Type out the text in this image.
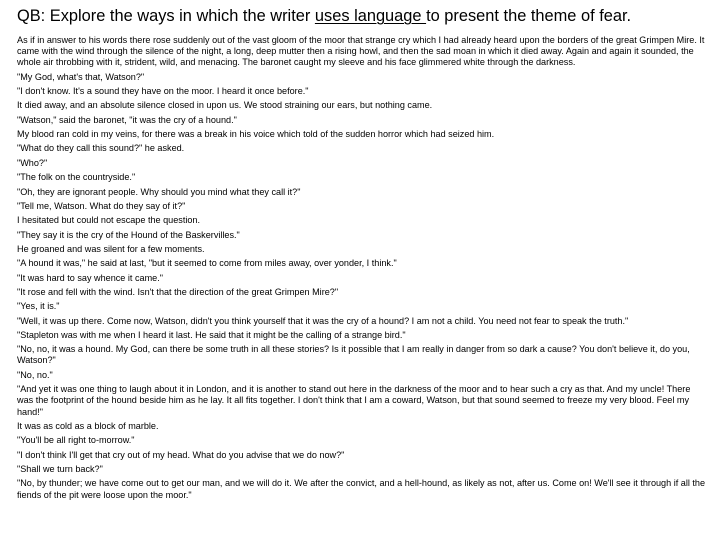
QB: Explore the ways in which the writer uses language to present the theme of fear.

As if in answer to his words there rose suddenly out of the vast gloom of the moor that strange cry which I had already heard upon the borders of the great Grimpen Mire. It came with the wind through the silence of the night, a long, deep mutter then a rising howl, and then the sad moan in which it died away. Again and again it sounded, the whole air throbbing with it, strident, wild, and menacing. The baronet caught my sleeve and his face glimmered white through the darkness.

"My God, what's that, Watson?"

"I don't know. It's a sound they have on the moor. I heard it once before."

It died away, and an absolute silence closed in upon us. We stood straining our ears, but nothing came.

"Watson," said the baronet, "it was the cry of a hound."

My blood ran cold in my veins, for there was a break in his voice which told of the sudden horror which had seized him.

"What do they call this sound?" he asked.

"Who?"

"The folk on the countryside."

"Oh, they are ignorant people. Why should you mind what they call it?"

"Tell me, Watson. What do they say of it?"

I hesitated but could not escape the question.

"They say it is the cry of the Hound of the Baskervilles."

He groaned and was silent for a few moments.

"A hound it was," he said at last, "but it seemed to come from miles away, over yonder, I think."

"It was hard to say whence it came."

"It rose and fell with the wind. Isn't that the direction of the great Grimpen Mire?"

"Yes, it is."

"Well, it was up there. Come now, Watson, didn't you think yourself that it was the cry of a hound? I am not a child. You need not fear to speak the truth."

"Stapleton was with me when I heard it last. He said that it might be the calling of a strange bird."

"No, no, it was a hound. My God, can there be some truth in all these stories? Is it possible that I am really in danger from so dark a cause? You don't believe it, do you, Watson?"

"No, no."

"And yet it was one thing to laugh about it in London, and it is another to stand out here in the darkness of the moor and to hear such a cry as that. And my uncle! There was the footprint of the hound beside him as he lay. It all fits together. I don't think that I am a coward, Watson, but that sound seemed to freeze my very blood. Feel my hand!"

It was as cold as a block of marble.

"You'll be all right to-morrow."

"I don't think I'll get that cry out of my head. What do you advise that we do now?"

"Shall we turn back?"

"No, by thunder; we have come out to get our man, and we will do it. We after the convict, and a hell-hound, as likely as not, after us. Come on! We'll see it through if all the fiends of the pit were loose upon the moor."
